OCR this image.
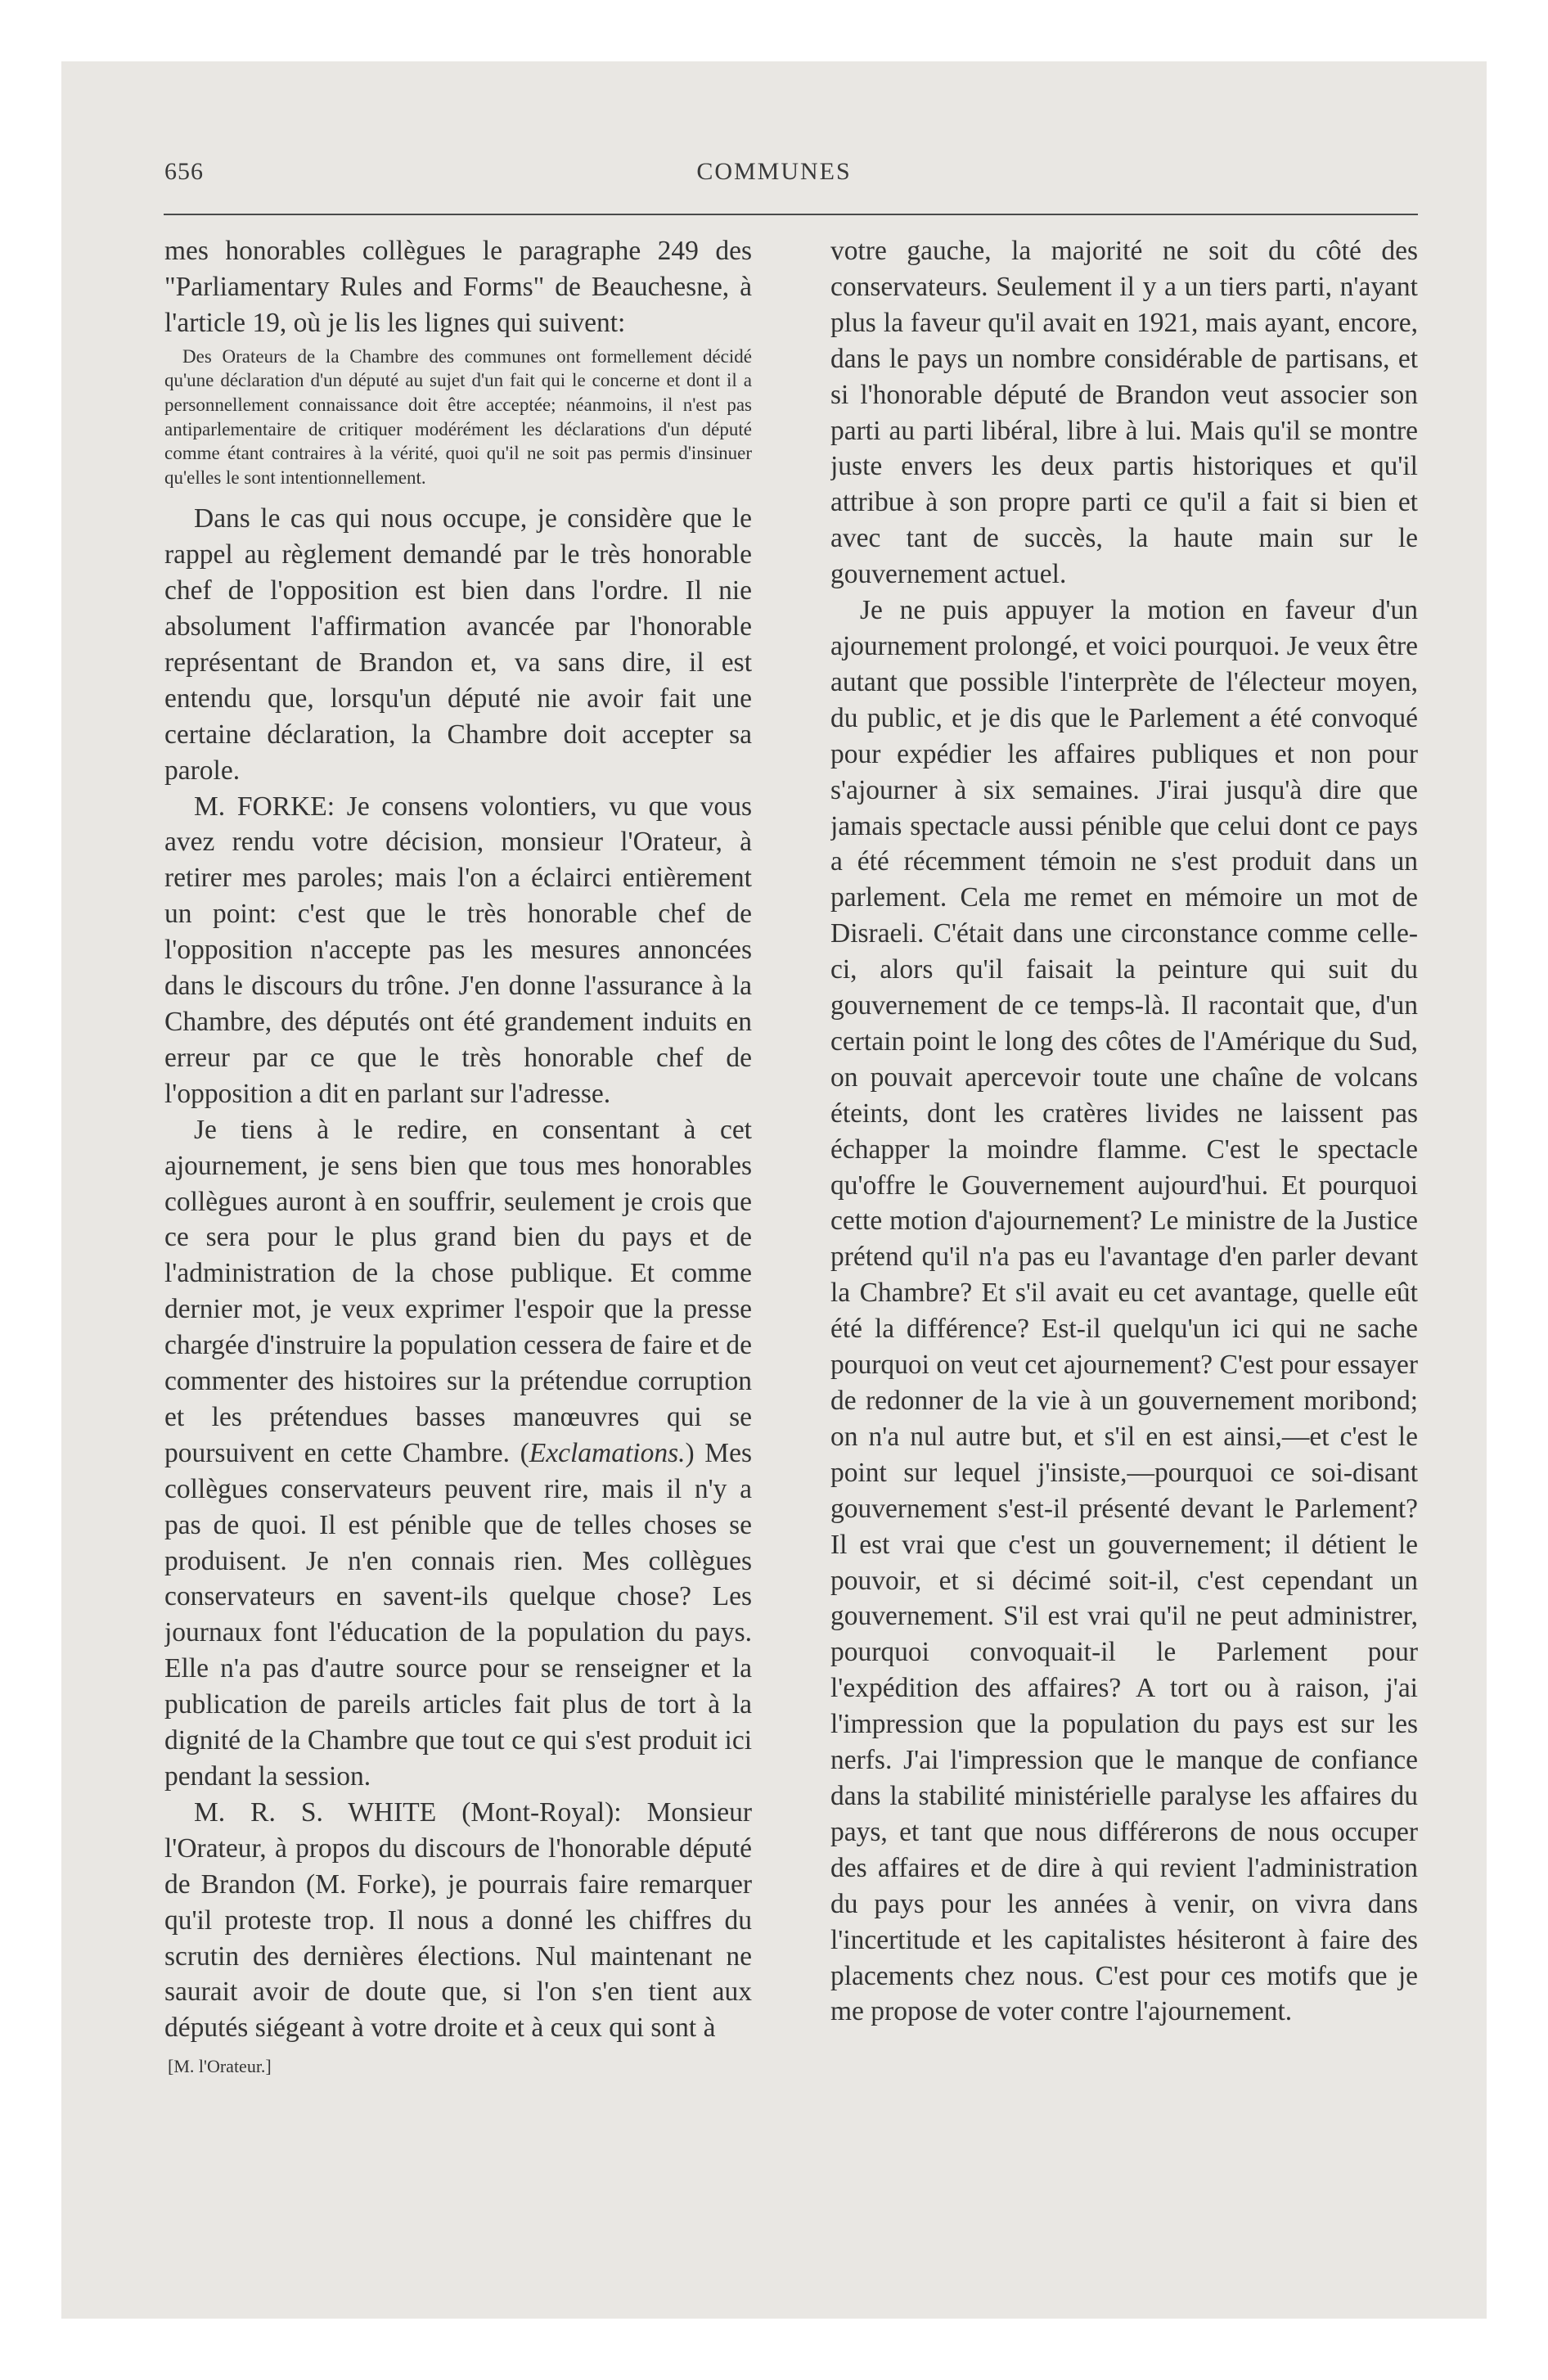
656	COMMUNES

mes honorables collègues le paragraphe 249 des "Parliamentary Rules and Forms" de Beauchesne, à l'article 19, où je lis les lignes qui suivent:

Des Orateurs de la Chambre des communes ont formellement décidé qu'une déclaration d'un député au sujet d'un fait qui le concerne et dont il a personnellement connaissance doit être acceptée; néanmoins, il n'est pas antiparlementaire de critiquer modérément les déclarations d'un député comme étant contraires à la vérité, quoi qu'il ne soit pas permis d'insinuer qu'elles le sont intentionnellement.

Dans le cas qui nous occupe, je considère que le rappel au règlement demandé par le très honorable chef de l'opposition est bien dans l'ordre. Il nie absolument l'affirmation avancée par l'honorable représentant de Brandon et, va sans dire, il est entendu que, lorsqu'un député nie avoir fait une certaine déclaration, la Chambre doit accepter sa parole.

M. FORKE: Je consens volontiers, vu que vous avez rendu votre décision, monsieur l'Orateur, à retirer mes paroles; mais l'on a éclairci entièrement un point: c'est que le très honorable chef de l'opposition n'accepte pas les mesures annoncées dans le discours du trône. J'en donne l'assurance à la Chambre, des députés ont été grandement induits en erreur par ce que le très honorable chef de l'opposition a dit en parlant sur l'adresse.

Je tiens à le redire, en consentant à cet ajournement, je sens bien que tous mes honorables collègues auront à en souffrir, seulement je crois que ce sera pour le plus grand bien du pays et de l'administration de la chose publique. Et comme dernier mot, je veux exprimer l'espoir que la presse chargée d'instruire la population cessera de faire et de commenter des histoires sur la prétendue corruption et les prétendues basses manœuvres qui se poursuivent en cette Chambre. (Exclamations.) Mes collègues conservateurs peuvent rire, mais il n'y a pas de quoi. Il est pénible que de telles choses se produisent. Je n'en connais rien. Mes collègues conservateurs en savent-ils quelque chose? Les journaux font l'éducation de la population du pays. Elle n'a pas d'autre source pour se renseigner et la publication de pareils articles fait plus de tort à la dignité de la Chambre que tout ce qui s'est produit ici pendant la session.

M. R. S. WHITE (Mont-Royal): Monsieur l'Orateur, à propos du discours de l'honorable député de Brandon (M. Forke), je pourrais faire remarquer qu'il proteste trop. Il nous a donné les chiffres du scrutin des dernières élections. Nul maintenant ne saurait avoir de doute que, si l'on s'en tient aux députés siégeant à votre droite et à ceux qui sont à

[M. l'Orateur.]

votre gauche, la majorité ne soit du côté des conservateurs. Seulement il y a un tiers parti, n'ayant plus la faveur qu'il avait en 1921, mais ayant, encore, dans le pays un nombre considérable de partisans, et si l'honorable député de Brandon veut associer son parti au parti libéral, libre à lui. Mais qu'il se montre juste envers les deux partis historiques et qu'il attribue à son propre parti ce qu'il a fait si bien et avec tant de succès, la haute main sur le gouvernement actuel.

Je ne puis appuyer la motion en faveur d'un ajournement prolongé, et voici pourquoi. Je veux être autant que possible l'interprète de l'électeur moyen, du public, et je dis que le Parlement a été convoqué pour expédier les affaires publiques et non pour s'ajourner à six semaines. J'irai jusqu'à dire que jamais spectacle aussi pénible que celui dont ce pays a été récemment témoin ne s'est produit dans un parlement. Cela me remet en mémoire un mot de Disraeli. C'était dans une circonstance comme celle-ci, alors qu'il faisait la peinture qui suit du gouvernement de ce temps-là. Il racontait que, d'un certain point le long des côtes de l'Amérique du Sud, on pouvait apercevoir toute une chaîne de volcans éteints, dont les cratères livides ne laissent pas échapper la moindre flamme. C'est le spectacle qu'offre le Gouvernement aujourd'hui. Et pourquoi cette motion d'ajournement? Le ministre de la Justice prétend qu'il n'a pas eu l'avantage d'en parler devant la Chambre? Et s'il avait eu cet avantage, quelle eût été la différence? Est-il quelqu'un ici qui ne sache pourquoi on veut cet ajournement? C'est pour essayer de redonner de la vie à un gouvernement moribond; on n'a nul autre but, et s'il en est ainsi,—et c'est le point sur lequel j'insiste,—pourquoi ce soi-disant gouvernement s'est-il présenté devant le Parlement? Il est vrai que c'est un gouvernement; il détient le pouvoir, et si décimé soit-il, c'est cependant un gouvernement. S'il est vrai qu'il ne peut administrer, pourquoi convoquait-il le Parlement pour l'expédition des affaires? A tort ou à raison, j'ai l'impression que la population du pays est sur les nerfs. J'ai l'impression que le manque de confiance dans la stabilité ministérielle paralyse les affaires du pays, et tant que nous différerons de nous occuper des affaires et de dire à qui revient l'administration du pays pour les années à venir, on vivra dans l'incertitude et les capitalistes hésiteront à faire des placements chez nous. C'est pour ces motifs que je me propose de voter contre l'ajournement.
